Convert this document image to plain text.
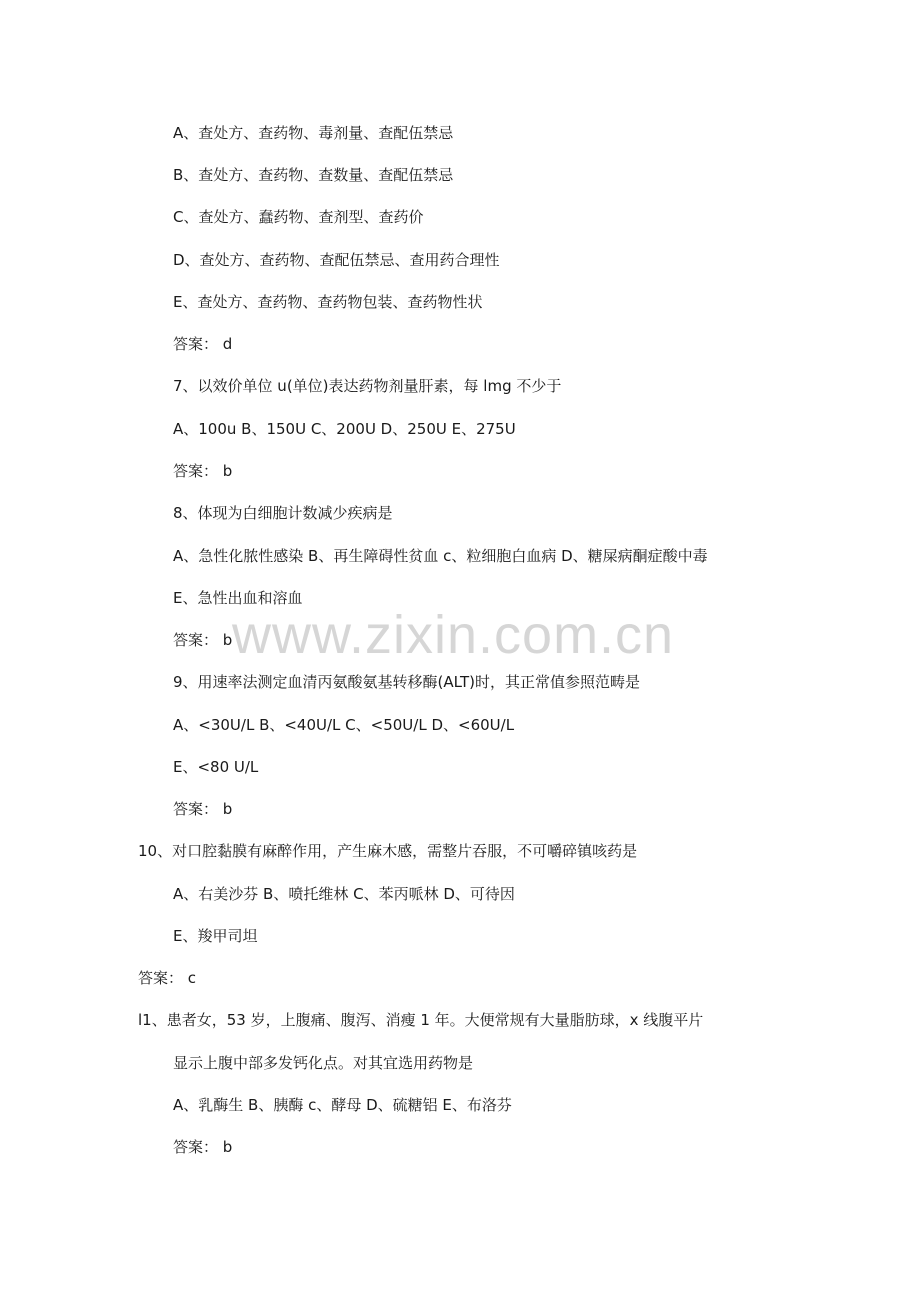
www.zixin.com.cn
A、查处方、查药物、毒剂量、查配伍禁忌
B、查处方、查药物、查数量、查配伍禁忌
C、查处方、蠢药物、查剂型、查药价
D、查处方、查药物、查配伍禁忌、查用药合理性
E、查处方、查药物、查药物包装、查药物性状
答案： d
7、以效价单位 u(单位)表达药物剂量肝素，每 lmg 不少于
A、100u B、150U C、200U D、250U E、275U
答案： b
8、体现为白细胞计数减少疾病是
A、急性化脓性感染 B、再生障碍性贫血 c、粒细胞白血病 D、糖屎病酮症酸中毒
E、急性出血和溶血
答案： b
9、用速率法测定血清丙氨酸氨基转移酶(ALT)时，其正常值参照范畴是
A、<30U/L B、<40U/L C、<50U/L D、<60U/L
E、<80 U/L
答案： b
10、对口腔黏膜有麻醉作用，产生麻木感，需整片吞服，不可嚼碎镇咳药是
A、右美沙芬 B、喷托维林 C、苯丙哌林 D、可待因
E、羧甲司坦
答案： c
l1、患者女，53 岁，上腹痛、腹泻、消瘦 1 年。大便常规有大量脂肪球，x 线腹平片
显示上腹中部多发钙化点。对其宜选用药物是
A、乳酶生 B、胰酶 c、酵母 D、硫糖铝 E、布洛芬
答案： b
